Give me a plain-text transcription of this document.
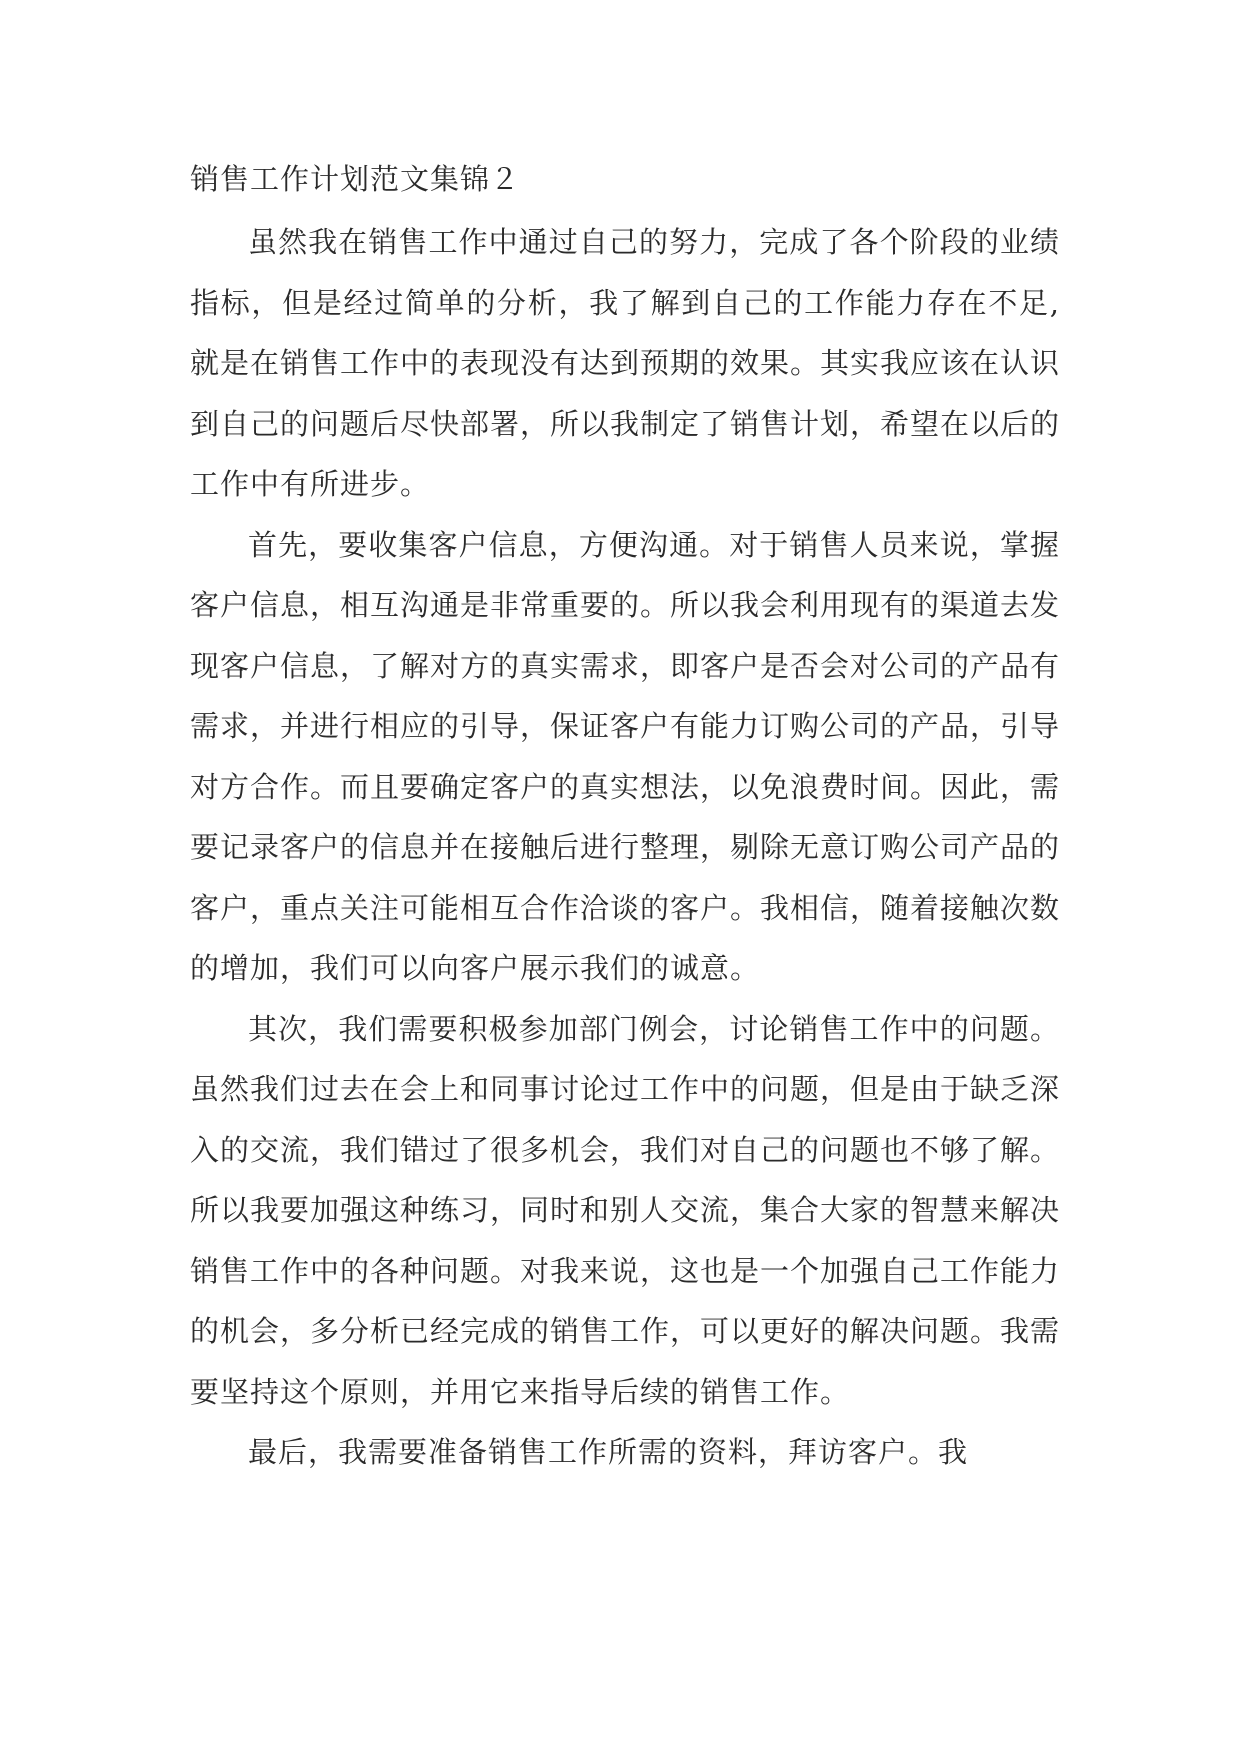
销售工作计划范文集锦２

虽然我在销售工作中通过自己的努力，完成了各个阶段的业绩指标，但是经过简单的分析，我了解到自己的工作能力存在不足,就是在销售工作中的表现没有达到预期的效果。其实我应该在认识到自己的问题后尽快部署，所以我制定了销售计划，希望在以后的工作中有所进步。

首先，要收集客户信息，方便沟通。对于销售人员来说，掌握客户信息，相互沟通是非常重要的。所以我会利用现有的渠道去发现客户信息，了解对方的真实需求，即客户是否会对公司的产品有需求，并进行相应的引导，保证客户有能力订购公司的产品，引导对方合作。而且要确定客户的真实想法，以免浪费时间。因此，需要记录客户的信息并在接触后进行整理，剔除无意订购公司产品的客户，重点关注可能相互合作洽谈的客户。我相信，随着接触次数的增加，我们可以向客户展示我们的诚意。

其次，我们需要积极参加部门例会，讨论销售工作中的问题。虽然我们过去在会上和同事讨论过工作中的问题，但是由于缺乏深入的交流，我们错过了很多机会，我们对自己的问题也不够了解。所以我要加强这种练习，同时和别人交流，集合大家的智慧来解决销售工作中的各种问题。对我来说，这也是一个加强自己工作能力的机会，多分析已经完成的销售工作，可以更好的解决问题。我需要坚持这个原则，并用它来指导后续的销售工作。

最后，我需要准备销售工作所需的资料，拜访客户。我
